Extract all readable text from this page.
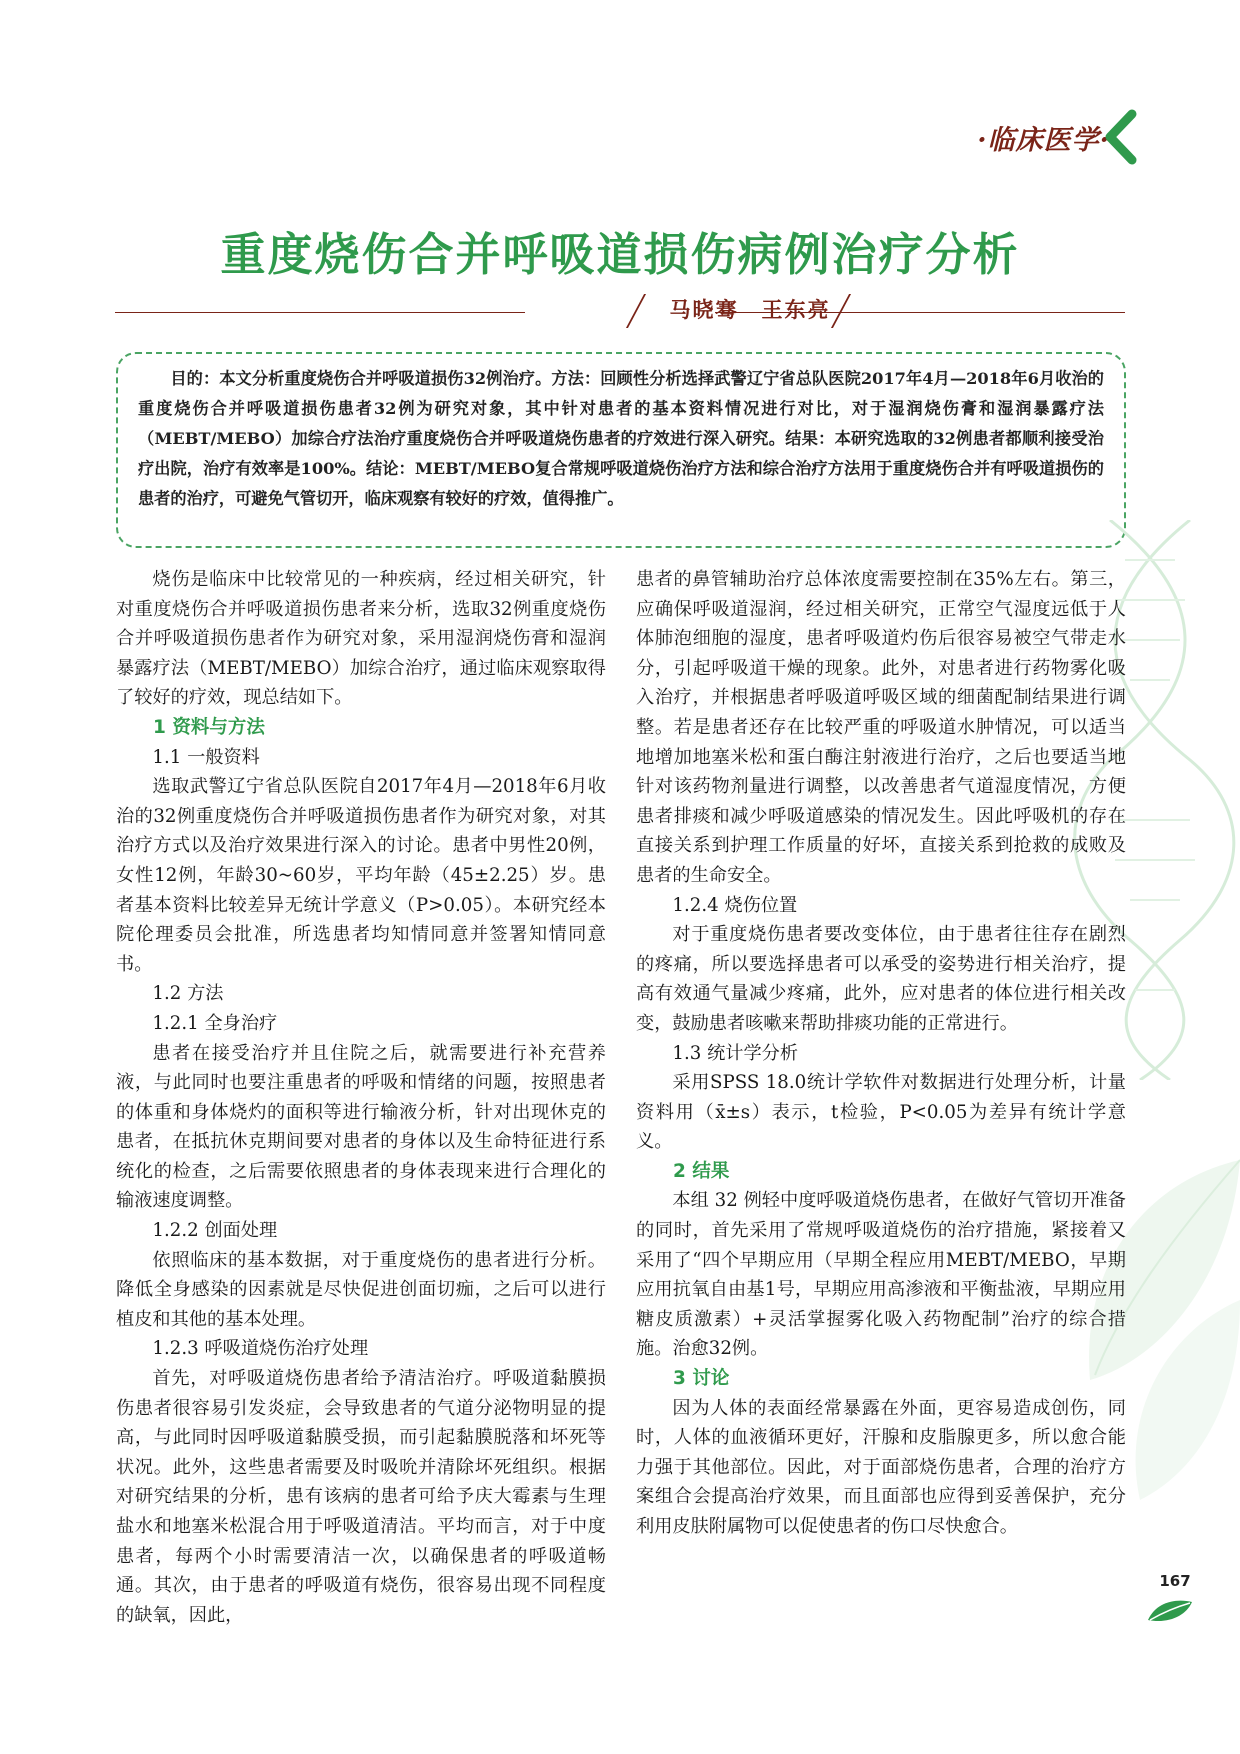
·临床医学·
重度烧伤合并呼吸道损伤病例治疗分析
马晓骞　王东亮

目的：本文分析重度烧伤合并呼吸道损伤32例治疗。方法：回顾性分析选择武警辽宁省总队医院2017年4月—2018年6月收治的重度烧伤合并呼吸道损伤患者32例为研究对象，其中针对患者的基本资料情况进行对比，对于湿润烧伤膏和湿润暴露疗法（MEBT/MEBO）加综合疗法治疗重度烧伤合并呼吸道烧伤患者的疗效进行深入研究。结果：本研究选取的32例患者都顺利接受治疗出院，治疗有效率是100%。结论：MEBT/MEBO复合常规呼吸道烧伤治疗方法和综合治疗方法用于重度烧伤合并有呼吸道损伤的患者的治疗，可避免气管切开，临床观察有较好的疗效，值得推广。

烧伤是临床中比较常见的一种疾病，经过相关研究，针对重度烧伤合并呼吸道损伤患者来分析，选取32例重度烧伤合并呼吸道损伤患者作为研究对象，采用湿润烧伤膏和湿润暴露疗法（MEBT/MEBO）加综合治疗，通过临床观察取得了较好的疗效，现总结如下。

1 资料与方法
1.1 一般资料

选取武警辽宁省总队医院自2017年4月—2018年6月收治的32例重度烧伤合并呼吸道损伤患者作为研究对象，对其治疗方式以及治疗效果进行深入的讨论。患者中男性20例，女性12例，年龄30~60岁，平均年龄（45±2.25）岁。患者基本资料比较差异无统计学意义（P>0.05）。本研究经本院伦理委员会批准，所选患者均知情同意并签署知情同意书。

1.2 方法
1.2.1 全身治疗

患者在接受治疗并且住院之后，就需要进行补充营养液，与此同时也要注重患者的呼吸和情绪的问题，按照患者的体重和身体烧灼的面积等进行输液分析，针对出现休克的患者，在抵抗休克期间要对患者的身体以及生命特征进行系统化的检查，之后需要依照患者的身体表现来进行合理化的输液速度调整。

1.2.2 创面处理

依照临床的基本数据，对于重度烧伤的患者进行分析。降低全身感染的因素就是尽快促进创面切痂，之后可以进行植皮和其他的基本处理。

1.2.3 呼吸道烧伤治疗处理

首先，对呼吸道烧伤患者给予清洁治疗。呼吸道黏膜损伤患者很容易引发炎症，会导致患者的气道分泌物明显的提高，与此同时因呼吸道黏膜受损，而引起黏膜脱落和坏死等状况。此外，这些患者需要及时吸吮并清除坏死组织。根据对研究结果的分析，患有该病的患者可给予庆大霉素与生理盐水和地塞米松混合用于呼吸道清洁。平均而言，对于中度患者，每两个小时需要清洁一次，以确保患者的呼吸道畅通。其次，由于患者的呼吸道有烧伤，很容易出现不同程度的缺氧，因此，

患者的鼻管辅助治疗总体浓度需要控制在35%左右。第三，应确保呼吸道湿润，经过相关研究，正常空气湿度远低于人体肺泡细胞的湿度，患者呼吸道灼伤后很容易被空气带走水分，引起呼吸道干燥的现象。此外，对患者进行药物雾化吸入治疗，并根据患者呼吸道呼吸区域的细菌配制结果进行调整。若是患者还存在比较严重的呼吸道水肿情况，可以适当地增加地塞米松和蛋白酶注射液进行治疗，之后也要适当地针对该药物剂量进行调整，以改善患者气道湿度情况，方便患者排痰和减少呼吸道感染的情况发生。因此呼吸机的存在直接关系到护理工作质量的好坏，直接关系到抢救的成败及患者的生命安全。

1.2.4 烧伤位置

对于重度烧伤患者要改变体位，由于患者往往存在剧烈的疼痛，所以要选择患者可以承受的姿势进行相关治疗，提高有效通气量减少疼痛，此外，应对患者的体位进行相关改变，鼓励患者咳嗽来帮助排痰功能的正常进行。

1.3 统计学分析

采用SPSS 18.0统计学软件对数据进行处理分析，计量资料用（x̄±s）表示，t检验，P<0.05为差异有统计学意义。

2 结果

本组 32 例轻中度呼吸道烧伤患者，在做好气管切开准备的同时，首先采用了常规呼吸道烧伤的治疗措施，紧接着又采用了“四个早期应用（早期全程应用MEBT/MEBO，早期应用抗氧自由基1号，早期应用高渗液和平衡盐液，早期应用糖皮质激素）+灵活掌握雾化吸入药物配制”治疗的综合措施。治愈32例。

3 讨论

因为人体的表面经常暴露在外面，更容易造成创伤，同时，人体的血液循环更好，汗腺和皮脂腺更多，所以愈合能力强于其他部位。因此，对于面部烧伤患者，合理的治疗方案组合会提高治疗效果，而且面部也应得到妥善保护，充分利用皮肤附属物可以促使患者的伤口尽快愈合。

167
